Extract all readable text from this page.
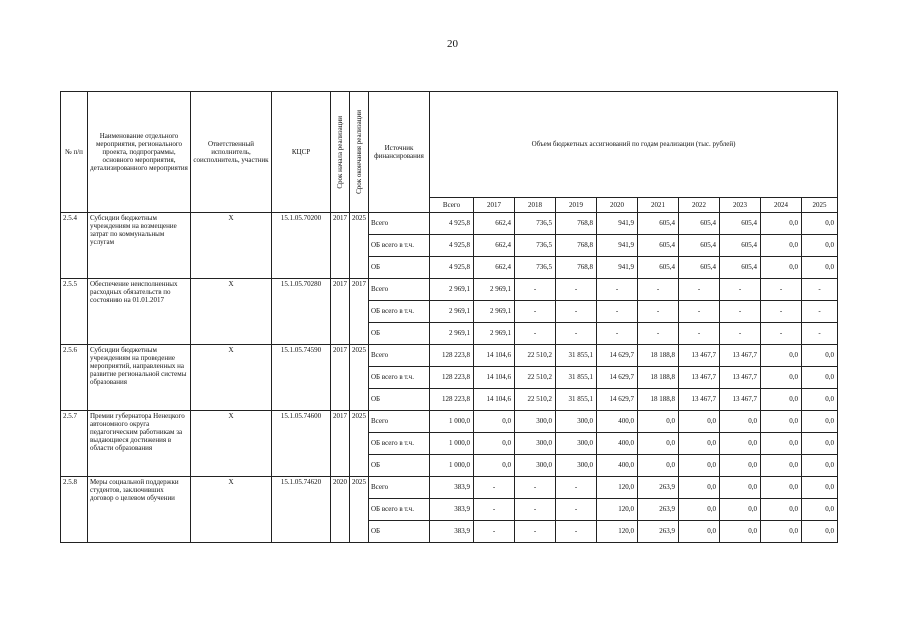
20
№ п/п	Наименование отдельного мероприятия, регионального проекта, подпрограммы, основного мероприятия, детализированного мероприятия	Ответственный исполнитель, соисполнитель, участник	КЦСР	Срок начала реализации	Срок окончания реализации	Источник финансирования	Объем бюджетных ассигнований по годам реализации (тыс. рублей)									
							Всего	2017	2018	2019	2020	2021	2022	2023	2024	2025
2.5.4	Субсидии бюджетным учреждениям на возмещение затрат по коммунальным услугам	X	15.1.05.70200	2017	2025	Всего	4 925,8	662,4	736,5	768,8	941,9	605,4	605,4	605,4	0,0	0,0
						ОБ всего в т.ч.	4 925,8	662,4	736,5	768,8	941,9	605,4	605,4	605,4	0,0	0,0
						ОБ	4 925,8	662,4	736,5	768,8	941,9	605,4	605,4	605,4	0,0	0,0
2.5.5	Обеспечение неисполненных расходных обязательств по состоянию на 01.01.2017	X	15.1.05.70280	2017	2017	Всего	2 969,1	2 969,1	-	-	-	-	-	-	-	-
						ОБ всего в т.ч.	2 969,1	2 969,1	-	-	-	-	-	-	-	-
						ОБ	2 969,1	2 969,1	-	-	-	-	-	-	-	-
2.5.6	Субсидии бюджетным учреждениям на проведение мероприятий, направленных на развитие региональной системы образования	X	15.1.05.74590	2017	2025	Всего	128 223,8	14 104,6	22 510,2	31 855,1	14 629,7	18 188,8	13 467,7	13 467,7	0,0	0,0
						ОБ всего в т.ч.	128 223,8	14 104,6	22 510,2	31 855,1	14 629,7	18 188,8	13 467,7	13 467,7	0,0	0,0
						ОБ	128 223,8	14 104,6	22 510,2	31 855,1	14 629,7	18 188,8	13 467,7	13 467,7	0,0	0,0
2.5.7	Премии губернатора Ненецкого автономного округа педагогическим работникам за выдающиеся достижения в области образования	X	15.1.05.74600	2017	2025	Всего	1 000,0	0,0	300,0	300,0	400,0	0,0	0,0	0,0	0,0	0,0
						ОБ всего в т.ч.	1 000,0	0,0	300,0	300,0	400,0	0,0	0,0	0,0	0,0	0,0
						ОБ	1 000,0	0,0	300,0	300,0	400,0	0,0	0,0	0,0	0,0	0,0
2.5.8	Меры социальной поддержки студентов, заключивших договор о целевом обучении	X	15.1.05.74620	2020	2025	Всего	383,9	-	-	-	120,0	263,9	0,0	0,0	0,0	0,0
						ОБ всего в т.ч.	383,9	-	-	-	120,0	263,9	0,0	0,0	0,0	0,0
						ОБ	383,9	-	-	-	120,0	263,9	0,0	0,0	0,0	0,0
